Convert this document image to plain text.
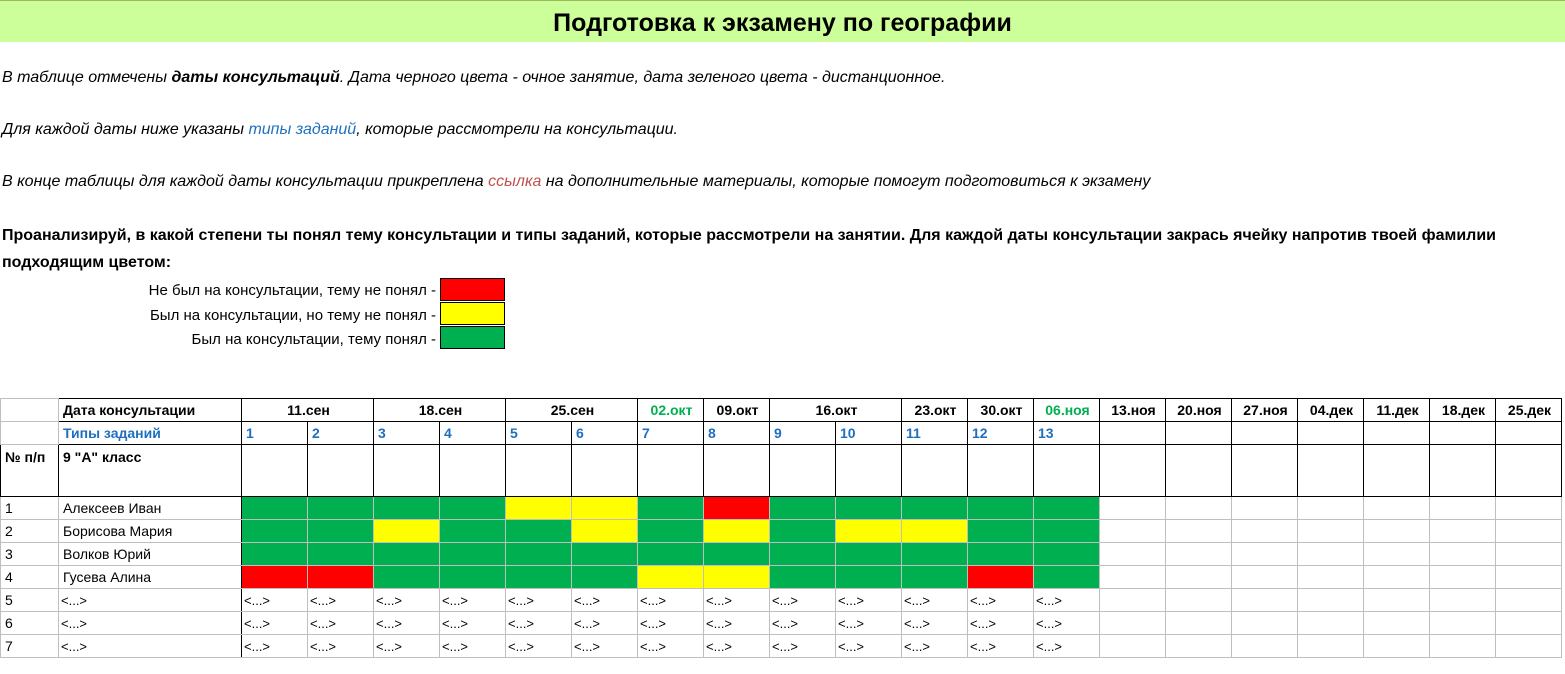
Подготовка к экзамену по географии
В таблице отмечены даты консультаций. Дата черного цвета - очное занятие, дата зеленого цвета - дистанционное.
Для каждой даты ниже указаны типы заданий, которые рассмотрели на консультации.
В конце таблицы для каждой даты консультации прикреплена ссылка на дополнительные материалы, которые помогут подготовиться к экзамену
Проанализируй, в какой степени ты понял тему консультации и типы заданий, которые рассмотрели на занятии. Для каждой даты консультации закрась ячейку напротив твоей фамилии подходящим цветом:
Не был на консультации, тему не понял -
Был на консультации, но тему не понял -
Был на консультации, тему понял -
	Дата консультации	11.сен		18.сен		25.сен		02.окт	09.окт	16.окт		23.окт	30.окт	06.ноя	13.ноя	20.ноя	27.ноя	04.дек	11.дек	18.дек	25.дек
	Типы заданий	1	2	3	4	5	6	7	8	9	10	11	12	13							
№ п/п	9 "А" класс																				
1	Алексеев Иван																				
2	Борисова Мария																				
3	Волков Юрий																				
4	Гусева Алина																				
5	<...>	<...>	<...>	<...>	<...>	<...>	<...>	<...>	<...>	<...>	<...>	<...>	<...>	<...>							
6	<...>	<...>	<...>	<...>	<...>	<...>	<...>	<...>	<...>	<...>	<...>	<...>	<...>	<...>							
7	<...>	<...>	<...>	<...>	<...>	<...>	<...>	<...>	<...>	<...>	<...>	<...>	<...>	<...>							
